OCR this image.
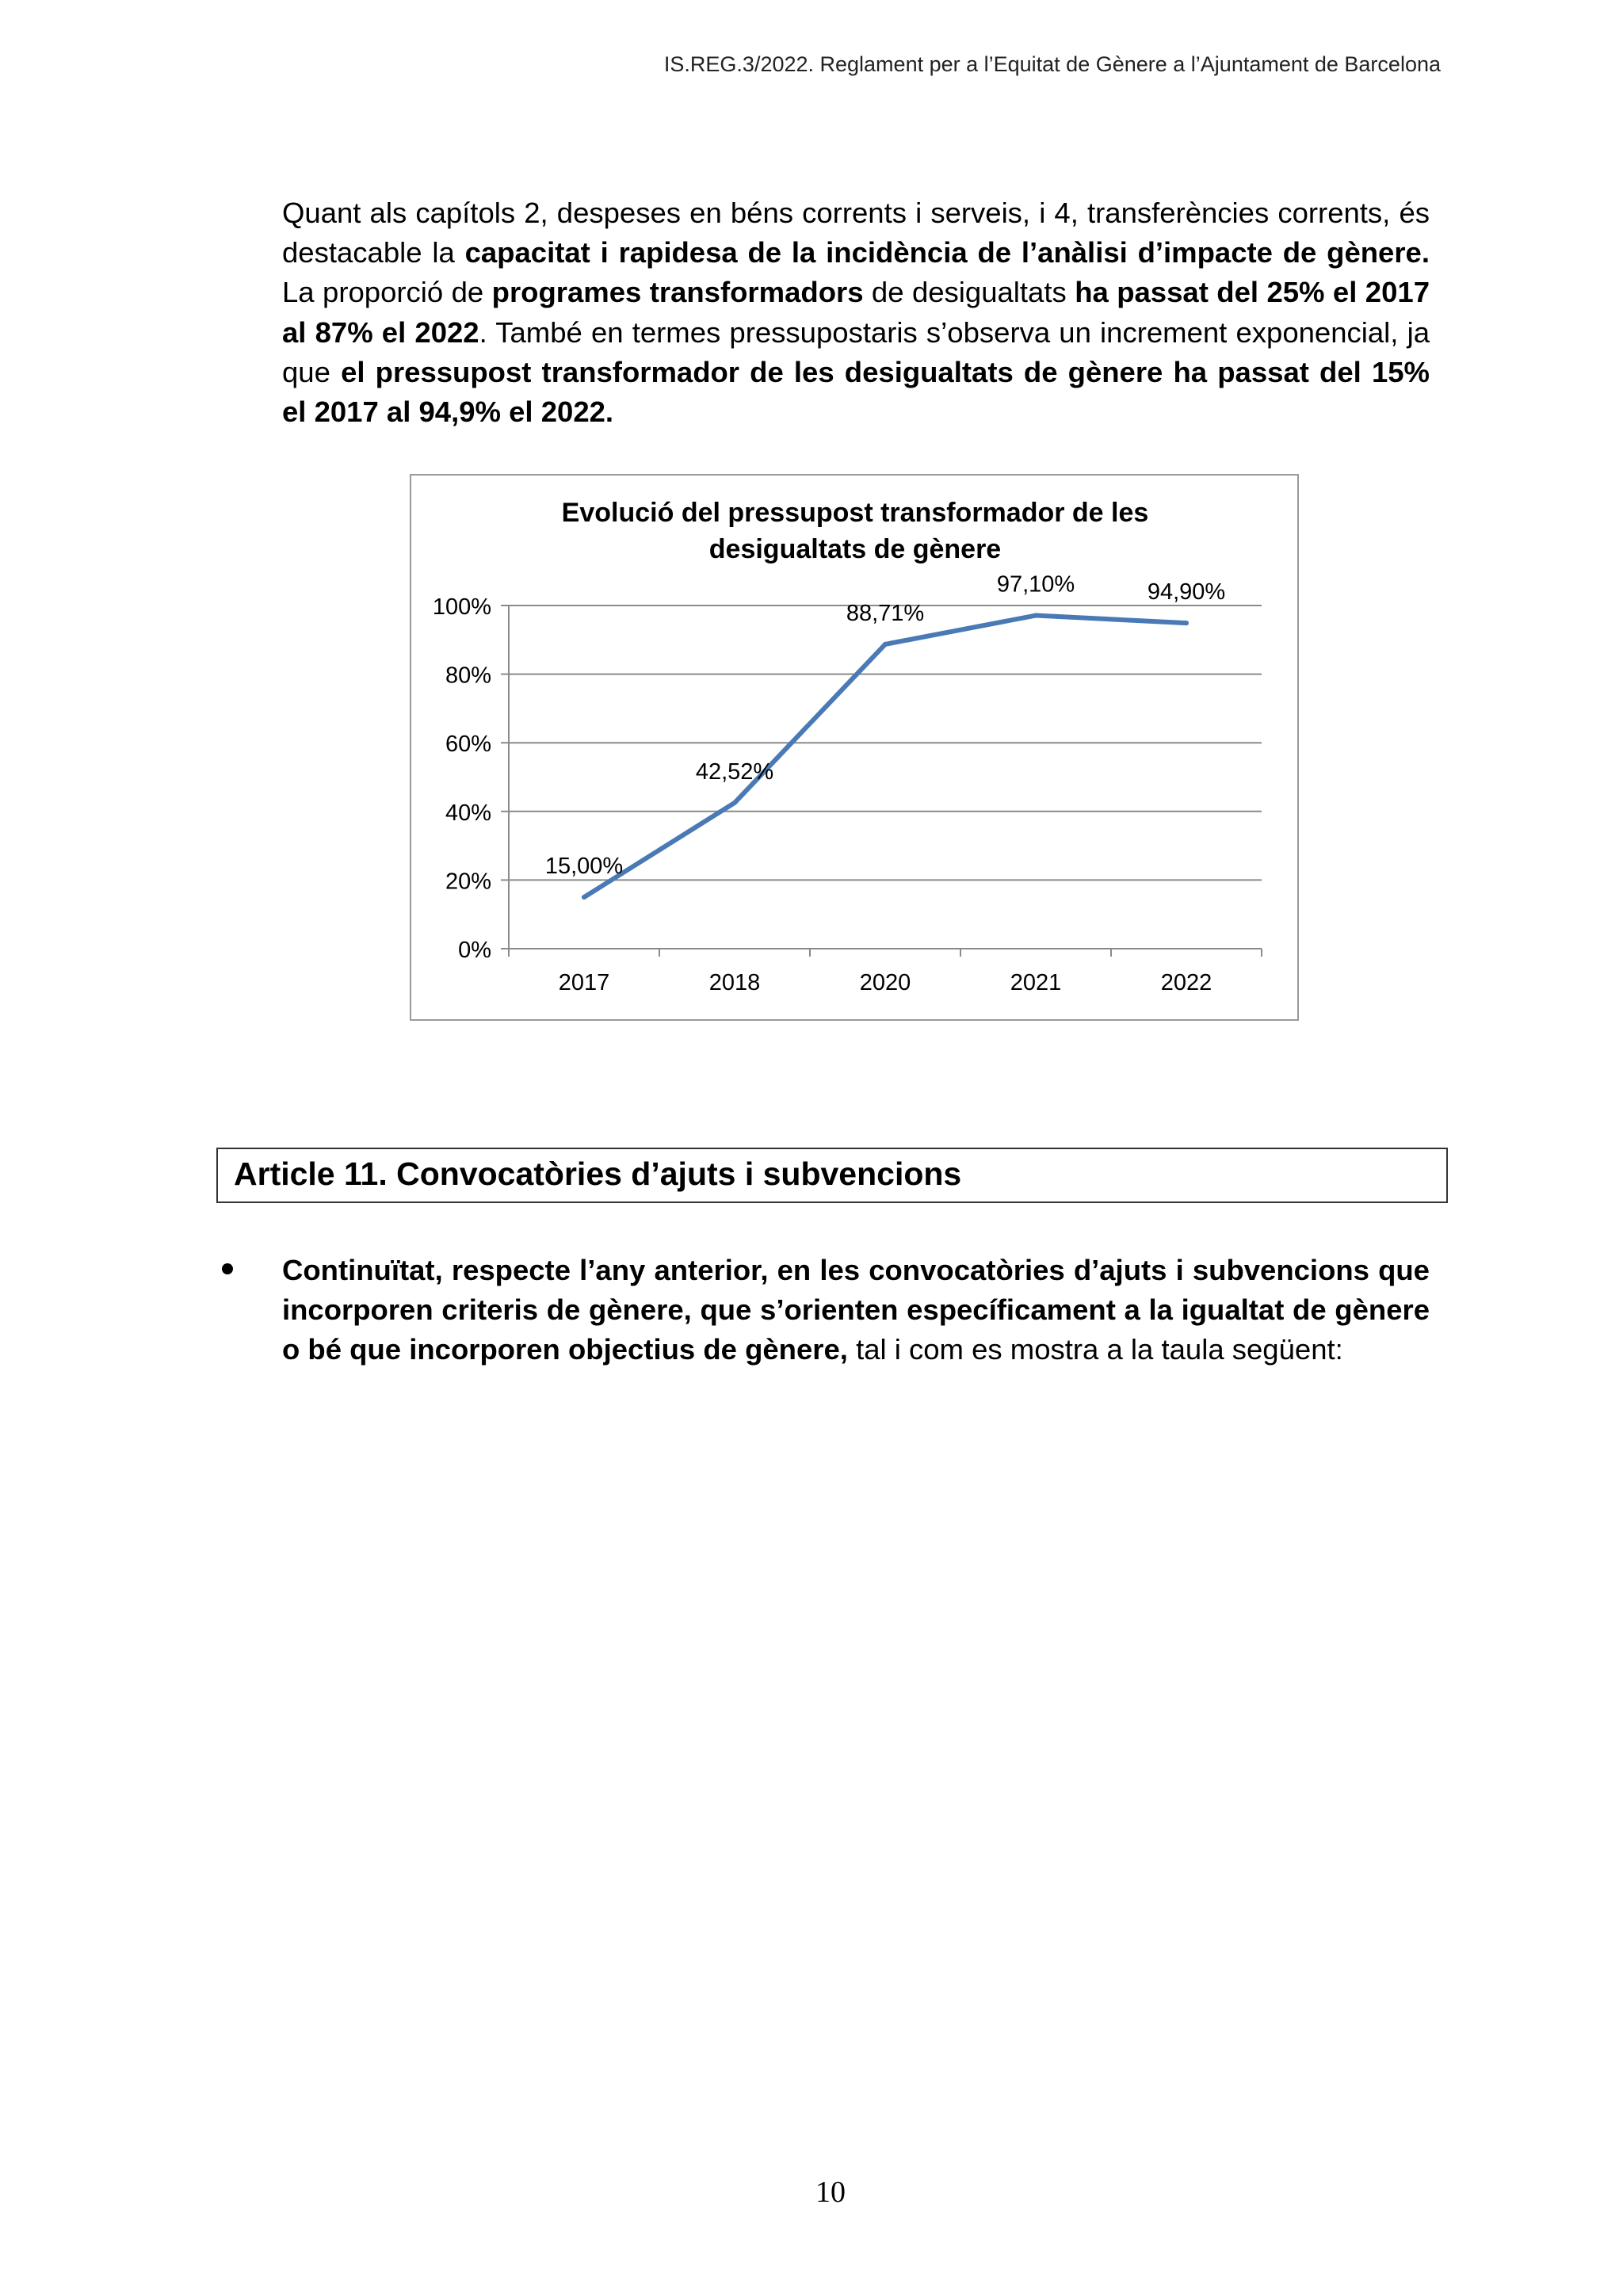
IS.REG.3/2022. Reglament per a l’Equitat de Gènere a l’Ajuntament de Barcelona
Quant als capítols 2, despeses en béns corrents i serveis, i 4, transferències corrents, és destacable la capacitat i rapidesa de la incidència de l’anàlisi d’impacte de gènere. La proporció de programes transformadors de desigualtats ha passat del 25% el 2017 al 87% el 2022. També en termes pressupostaris s’observa un increment exponencial, ja que el pressupost transformador de les desigualtats de gènere ha passat del 15% el 2017 al 94,9% el 2022.
Evolució del pressupost transformador de les
desigualtats de gènere
0%
20%
40%
60%
80%
100%
2017	2018	2020	2021	2022
15,00%
42,52%
88,71%
97,10%	94,90%
Article 11. Convocatòries d’ajuts i subvencions
Continuïtat, respecte l’any anterior, en les convocatòries d’ajuts i subvencions que incorporen criteris de gènere, que s’orienten específicament a la igualtat de gènere o bé que incorporen objectius de gènere, tal i com es mostra a la taula següent:
10
